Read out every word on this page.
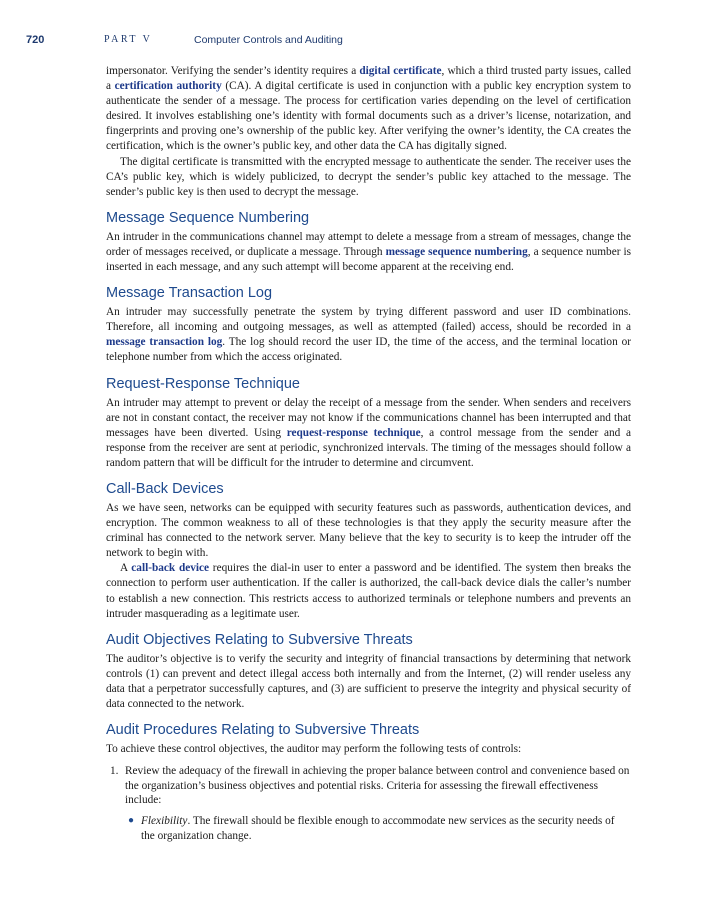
720	PART V	Computer Controls and Auditing

impersonator. Verifying the sender’s identity requires a digital certificate, which a third trusted party issues, called a certification authority (CA). A digital certificate is used in conjunction with a public key encryption system to authenticate the sender of a message. The process for certification varies depending on the level of certification desired. It involves establishing one’s identity with formal documents such as a driver’s license, notarization, and fingerprints and proving one’s ownership of the public key. After verifying the owner’s identity, the CA creates the certification, which is the owner’s public key, and other data the CA has digitally signed.

The digital certificate is transmitted with the encrypted message to authenticate the sender. The receiver uses the CA’s public key, which is widely publicized, to decrypt the sender’s public key attached to the message. The sender’s public key is then used to decrypt the message.

Message Sequence Numbering

An intruder in the communications channel may attempt to delete a message from a stream of messages, change the order of messages received, or duplicate a message. Through message sequence numbering, a sequence number is inserted in each message, and any such attempt will become apparent at the receiving end.

Message Transaction Log

An intruder may successfully penetrate the system by trying different password and user ID combinations. Therefore, all incoming and outgoing messages, as well as attempted (failed) access, should be recorded in a message transaction log. The log should record the user ID, the time of the access, and the terminal location or telephone number from which the access originated.

Request-Response Technique

An intruder may attempt to prevent or delay the receipt of a message from the sender. When senders and receivers are not in constant contact, the receiver may not know if the communications channel has been interrupted and that messages have been diverted. Using request-response technique, a control message from the sender and a response from the receiver are sent at periodic, synchronized intervals. The timing of the messages should follow a random pattern that will be difficult for the intruder to determine and circumvent.

Call-Back Devices

As we have seen, networks can be equipped with security features such as passwords, authentication devices, and encryption. The common weakness to all of these technologies is that they apply the security measure after the criminal has connected to the network server. Many believe that the key to security is to keep the intruder off the network to begin with.

A call-back device requires the dial-in user to enter a password and be identified. The system then breaks the connection to perform user authentication. If the caller is authorized, the call-back device dials the caller’s number to establish a new connection. This restricts access to authorized terminals or telephone numbers and prevents an intruder masquerading as a legitimate user.

Audit Objectives Relating to Subversive Threats

The auditor’s objective is to verify the security and integrity of financial transactions by determining that network controls (1) can prevent and detect illegal access both internally and from the Internet, (2) will render useless any data that a perpetrator successfully captures, and (3) are sufficient to preserve the integrity and physical security of data connected to the network.

Audit Procedures Relating to Subversive Threats

To achieve these control objectives, the auditor may perform the following tests of controls:

1. Review the adequacy of the firewall in achieving the proper balance between control and convenience based on the organization’s business objectives and potential risks. Criteria for assessing the firewall effectiveness include:
● Flexibility. The firewall should be flexible enough to accommodate new services as the security needs of the organization change.
